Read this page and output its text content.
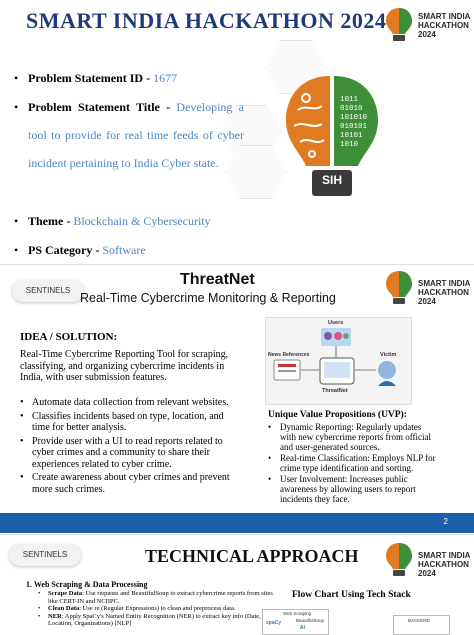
SMART INDIA HACKATHON 2024	SMART INDIA
HACKATHON
2024
• Problem Statement ID - 1677
• Problem Statement Title - Developing a tool to provide for real time feeds of cyber incident pertaining to India Cyber state.
• Theme - Blockchain & Cybersecurity
• PS Category - Software
1011
01010
101010
010101
10101
1010
SIH
SENTINELS
ThreatNet
Real-Time Cybercrime Monitoring & Reporting
SMART INDIA
HACKATHON
2024
IDEA / SOLUTION:
Real-Time Cybercrime Reporting Tool for scraping, classifying, and organizing cybercrime incidents in India, with user submission features.
• Automate data collection from relevant websites.
• Classifies incidents based on type, location, and time for better analysis.
• Provide user with a UI to read reports related to cyber crimes and a community to share their experiences related to cyber crime.
• Create awareness about cyber crimes and prevent more such crimes.
Users
News References	Victim
ThreatNet
Unique Value Propositions (UVP):
• Dynamic Reporting: Regularly updates with new cybercrime reports from official and user-generated sources.
• Real-time Classification: Employs NLP for crime type identification and sorting.
• User Involvement: Increases public awareness by allowing users to report incidents they face.
2
SENTINELS	TECHNICAL APPROACH	SMART INDIA
HACKATHON
2024
1. Web Scraping & Data Processing
• Scrape Data: Use requests and BeautifulSoup to extract cybercrime reports from sites like CERT-IN and NCIIPC.
• Clean Data: Use re (Regular Expressions) to clean and preprocess data.
• NER: Apply SpaCy's Named Entity Recognition (NER) to extract key info (Date, Location, Organizations) [NLP]
Flow Chart Using Tech Stack
Web Scraping
spaCy	BeautifulSoup
AI
BACKEND
